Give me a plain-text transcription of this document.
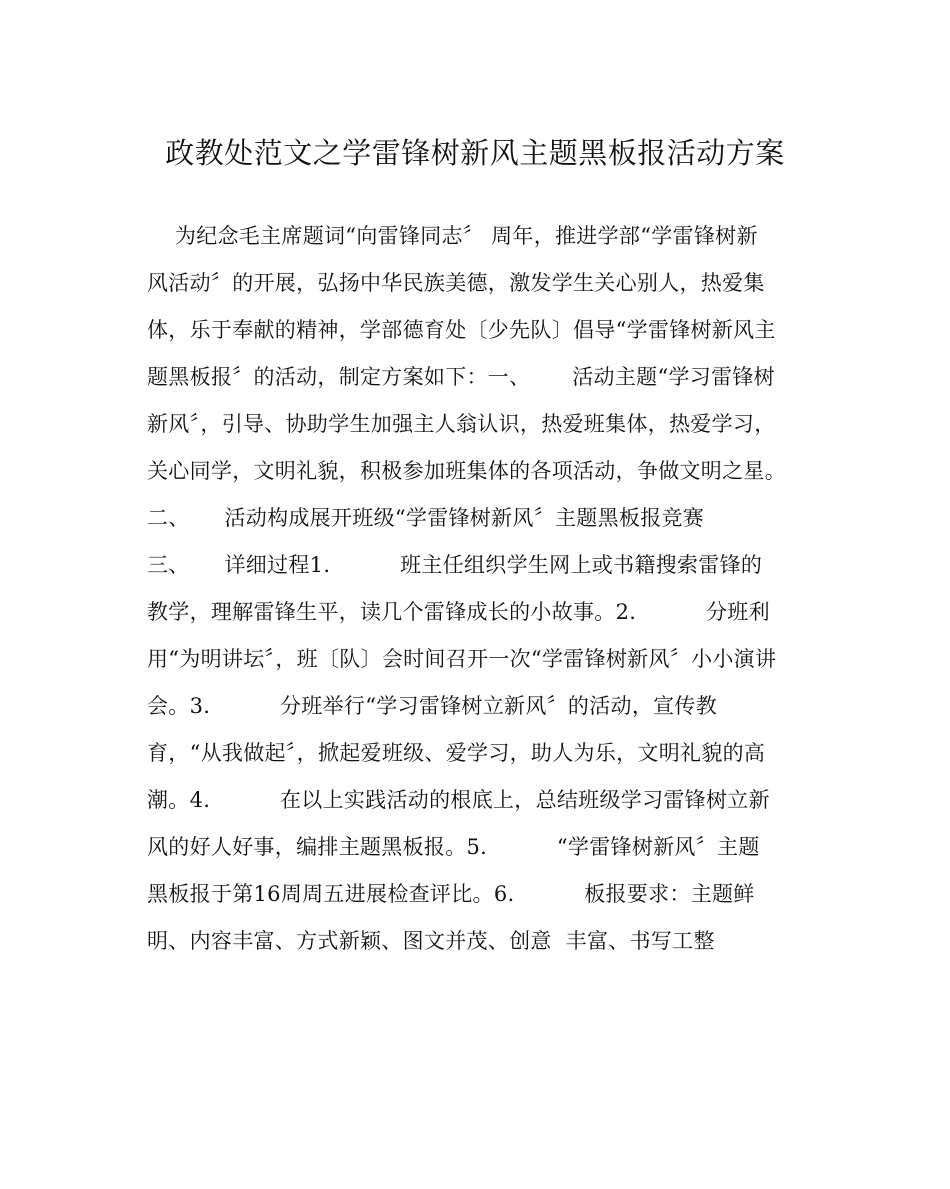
政教处范文之学雷锋树新风主题黑板报活动方案
为纪念毛主席题词“向雷锋同志〞 周年，推进学部“学雷锋树新
风活动〞的开展，弘扬中华民族美德，激发学生关心别人，热爱集
体，乐于奉献的精神，学部德育处〔少先队〕倡导“学雷锋树新风主
题黑板报〞的活动，制定方案如下：一、      活动主题“学习雷锋树
新风〞，引导、协助学生加强主人翁认识，热爱班集体，热爱学习，
关心同学，文明礼貌，积极参加班集体的各项活动，争做文明之星。
二、     活动构成展开班级“学雷锋树新风〞主题黑板报竞赛
三、     详细过程1.          班主任组织学生网上或书籍搜索雷锋的
教学，理解雷锋生平，读几个雷锋成长的小故事。2.          分班利
用“为明讲坛〞，班〔队〕会时间召开一次“学雷锋树新风〞小小演讲
会。3.          分班举行“学习雷锋树立新风〞的活动，宣传教
育，“从我做起〞，掀起爱班级、爱学习，助人为乐，文明礼貌的高
潮。4.          在以上实践活动的根底上，总结班级学习雷锋树立新
风的好人好事，编排主题黑板报。5.          “学雷锋树新风〞主题
黑板报于第16周周五进展检查评比。6.          板报要求：主题鲜
明、内容丰富、方式新颖、图文并茂、创意  丰富、书写工整
